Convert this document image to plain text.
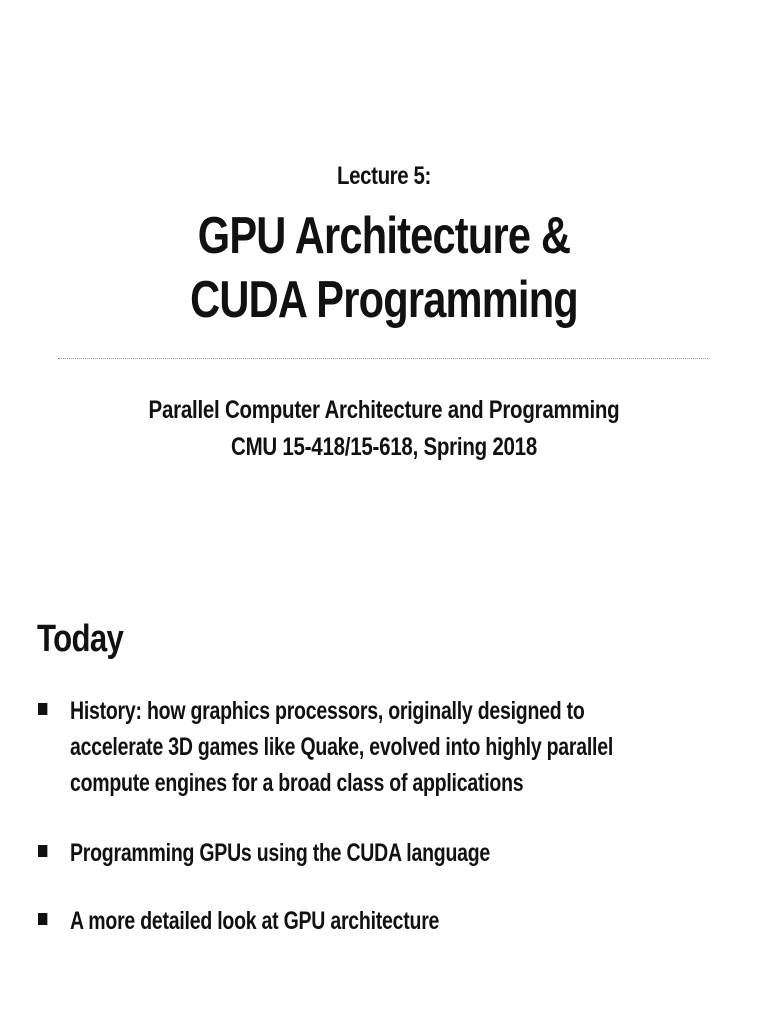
Lecture 5:
GPU Architecture &
CUDA Programming
Parallel Computer Architecture and Programming
CMU 15-418/15-618, Spring 2018
Today
History: how graphics processors, originally designed to
accelerate 3D games like Quake, evolved into highly parallel
compute engines for a broad class of applications
Programming GPUs using the CUDA language
A more detailed look at GPU architecture
